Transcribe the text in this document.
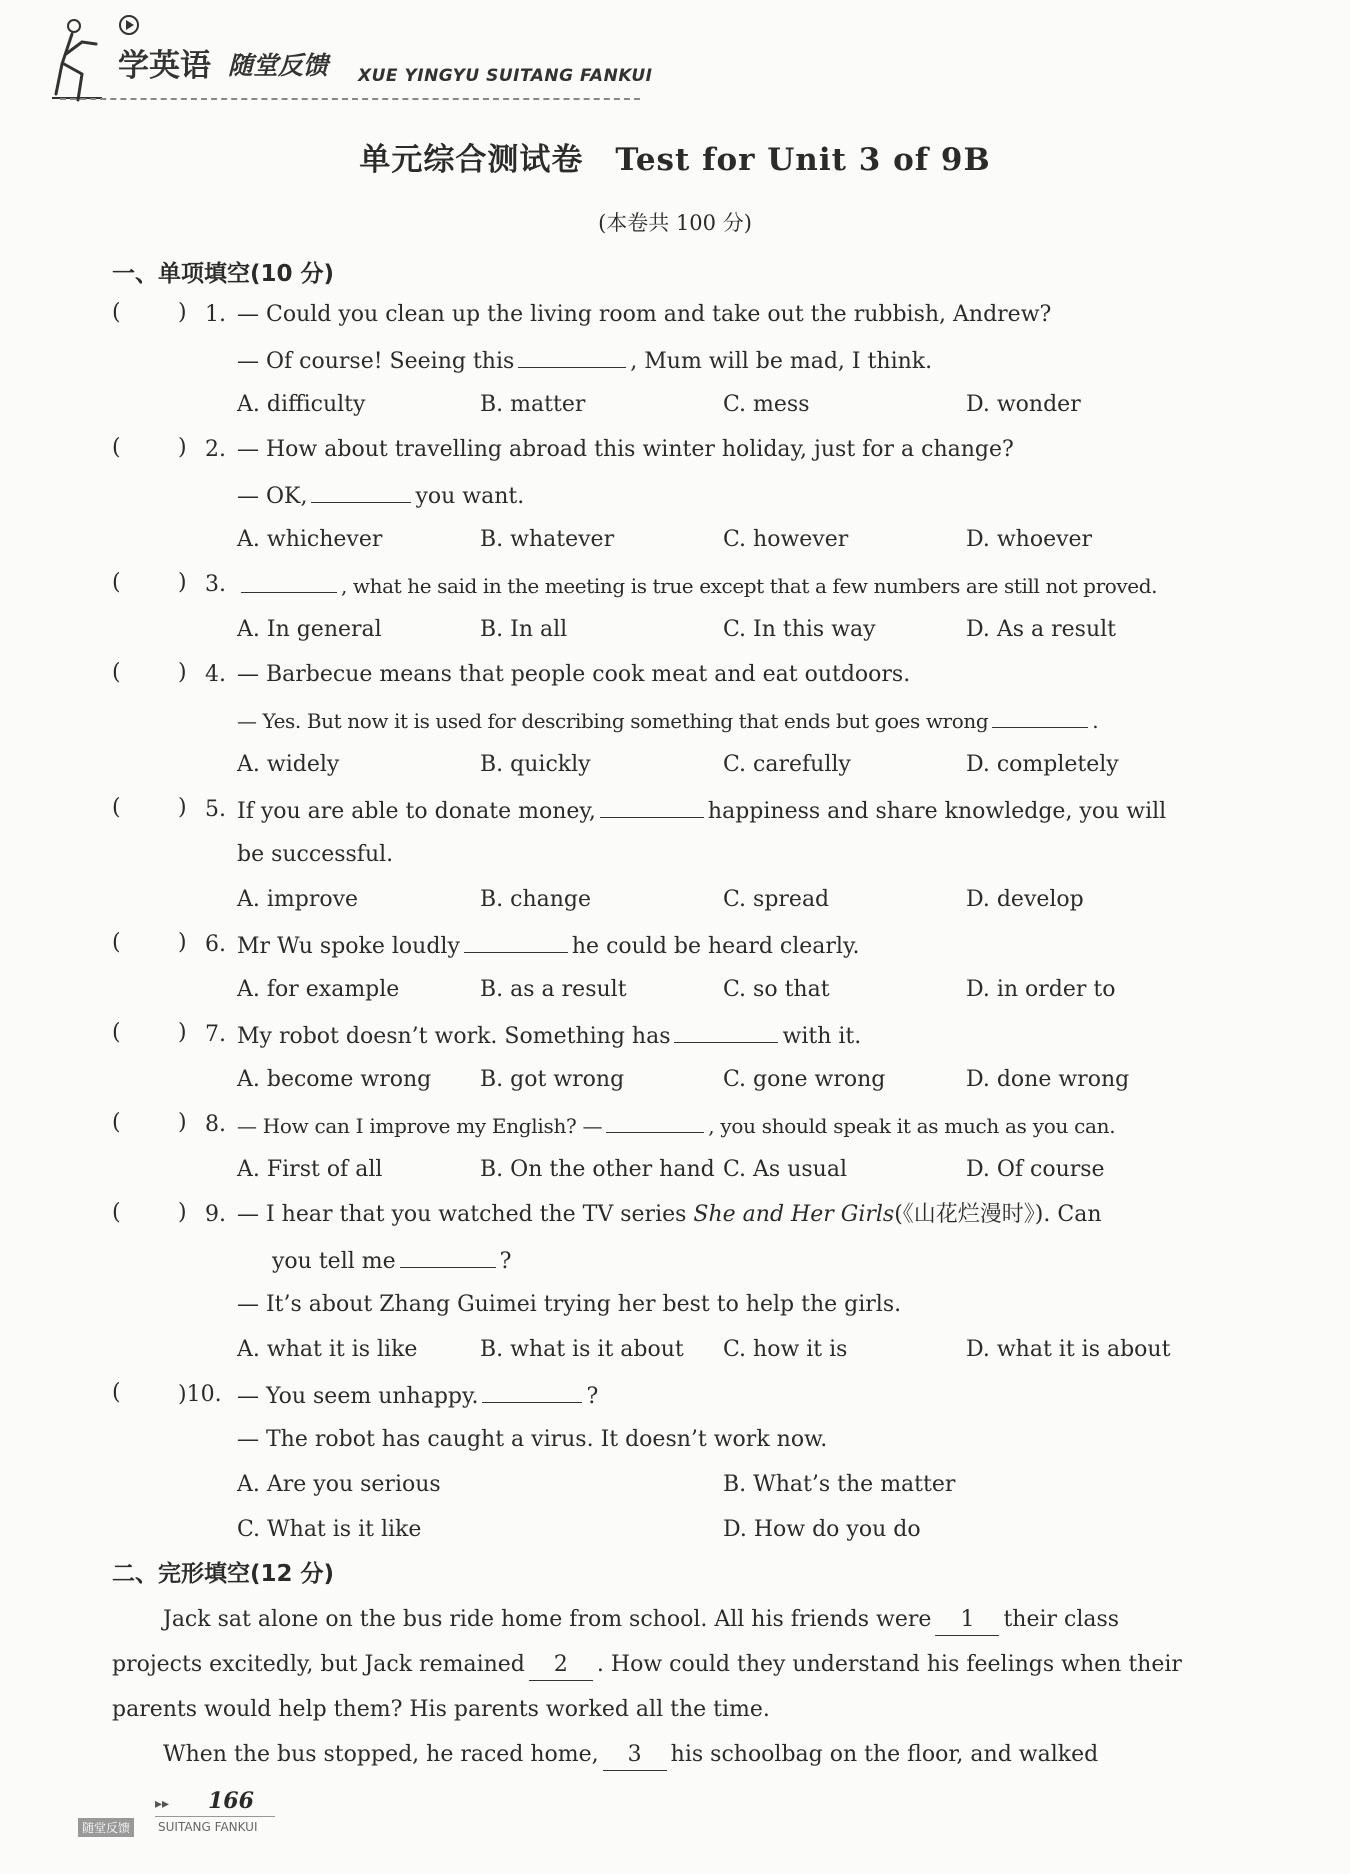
学英语 随堂反馈 XUE YINGYU SUITANG FANKUI
单元综合测试卷　Test for Unit 3 of 9B
(本卷共 100 分)
一、单项填空(10 分)
(	) 1. — Could you clean up the living room and take out the rubbish, Andrew?
— Of course! Seeing this	, Mum will be mad, I think.
A. difficulty	B. matter	C. mess	D. wonder
(	) 2. — How about travelling abroad this winter holiday, just for a change?
— OK,	you want.
A. whichever	B. whatever	C. however	D. whoever
(	) 3.	, what he said in the meeting is true except that a few numbers are still not proved.
A. In general	B. In all	C. In this way	D. As a result
(	) 4. — Barbecue means that people cook meat and eat outdoors.
— Yes. But now it is used for describing something that ends but goes wrong	.
A. widely	B. quickly	C. carefully	D. completely
(	) 5. If you are able to donate money,	happiness and share knowledge, you will
be successful.
A. improve	B. change	C. spread	D. develop
(	) 6. Mr Wu spoke loudly	he could be heard clearly.
A. for example	B. as a result	C. so that	D. in order to
(	) 7. My robot doesn’t work. Something has	with it.
A. become wrong B. got wrong	C. gone wrong	D. done wrong
(	) 8. — How can I improve my English? —	, you should speak it as much as you can.
A. First of all	B. On the other hand C. As usual	D. Of course
(	) 9. — I hear that you watched the TV series She and Her Girls(《山花烂漫时》). Can
you tell me	?
— It’s about Zhang Guimei trying her best to help the girls.
A. what it is like	B. what is it about C. how it is	D. what it is about
(	)10. — You seem unhappy.	?
— The robot has caught a virus. It doesn’t work now.
A. Are you serious	B. What’s the matter
C. What is it like	D. How do you do
二、完形填空(12 分)
Jack sat alone on the bus ride home from school. All his friends were 1 their class
projects excitedly, but Jack remained 2 . How could they understand his feelings when their
parents would help them? His parents worked all the time.
When the bus stopped, he raced home, 3 his schoolbag on the floor, and walked
▸▸ 166
随堂反馈	SUITANG FANKUI
